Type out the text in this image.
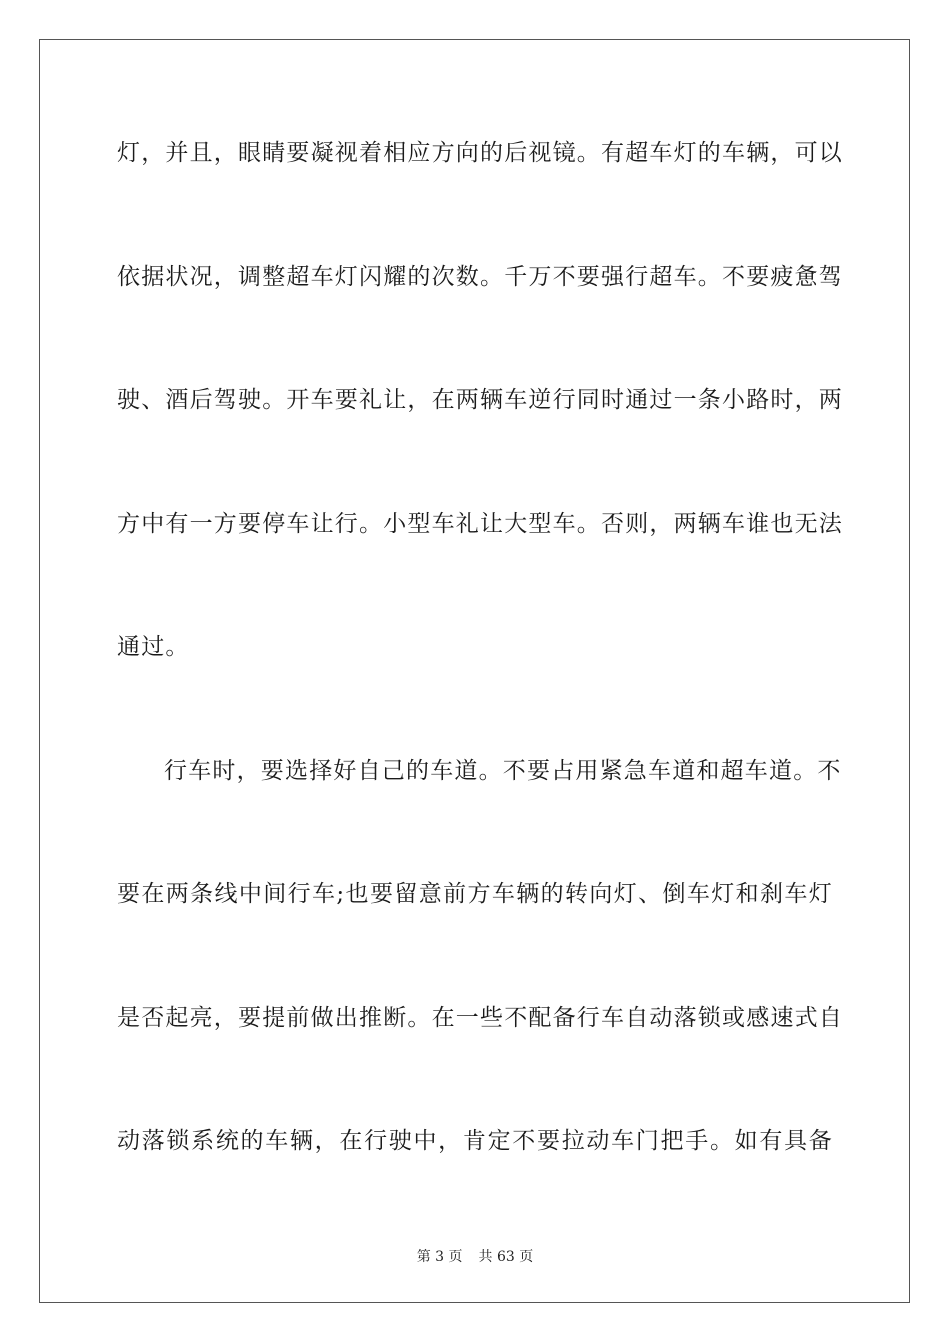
灯，并且，眼睛要凝视着相应方向的后视镜。有超车灯的车辆，可以
依据状况，调整超车灯闪耀的次数。千万不要强行超车。不要疲惫驾
驶、酒后驾驶。开车要礼让，在两辆车逆行同时通过一条小路时，两
方中有一方要停车让行。小型车礼让大型车。否则，两辆车谁也无法
通过。
行车时，要选择好自己的车道。不要占用紧急车道和超车道。不
要在两条线中间行车;也要留意前方车辆的转向灯、倒车灯和刹车灯
是否起亮，要提前做出推断。在一些不配备行车自动落锁或感速式自
动落锁系统的车辆，在行驶中，肯定不要拉动车门把手。如有具备
第 3 页 共 63 页
